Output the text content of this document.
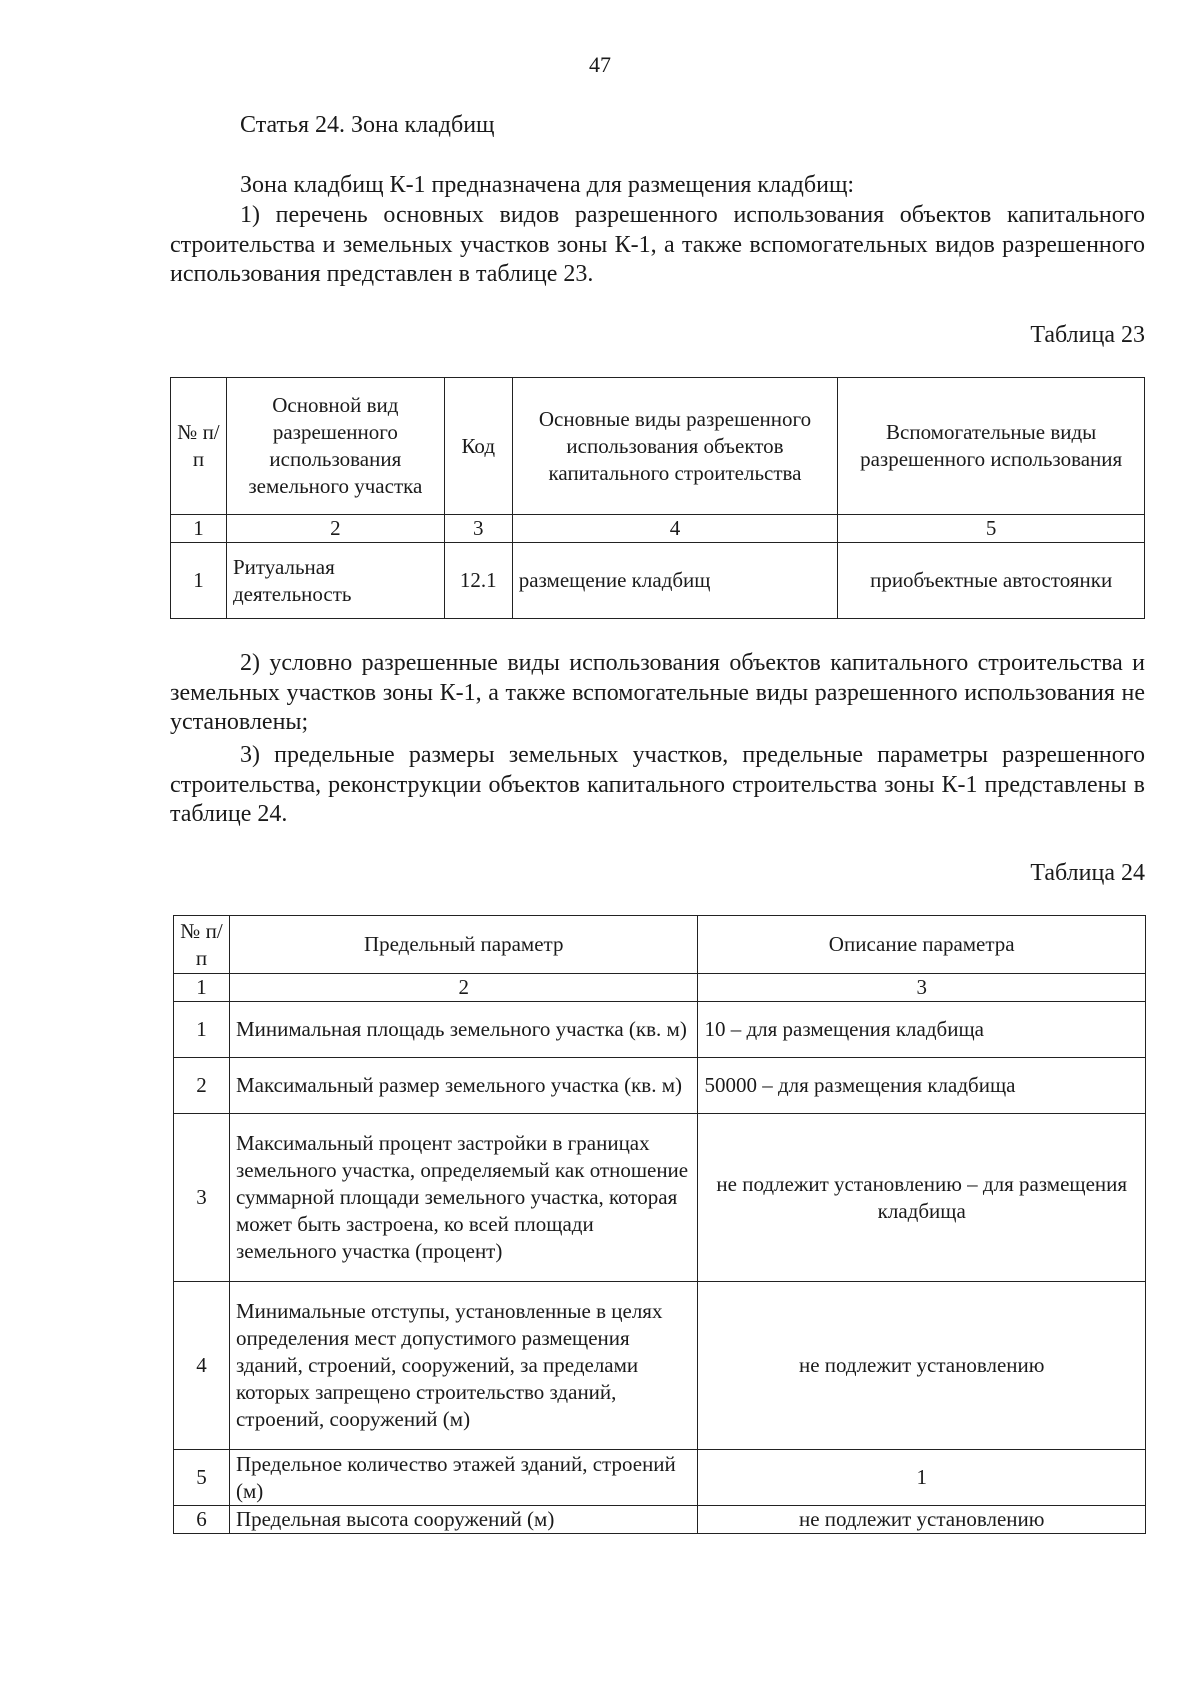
47
Статья 24. Зона кладбищ
Зона кладбищ К-1 предназначена для размещения кладбищ:
1) перечень основных видов разрешенного использования объектов капитального строительства и земельных участков зоны К-1, а также вспомогательных видов разрешенного использования представлен в таблице 23.
Таблица 23
№ п/п	Основной вид разрешенного использования земельного участка	Код	Основные виды разрешенного использования объектов капитального строительства	Вспомогательные виды разрешенного использования
1	2	3	4	5
1	Ритуальная деятельность	12.1	размещение кладбищ	приобъектные автостоянки
2) условно разрешенные виды использования объектов капитального строительства и земельных участков зоны К-1, а также вспомогательные виды разрешенного использования не установлены;
3) предельные размеры земельных участков, предельные параметры разрешенного строительства, реконструкции объектов капитального строительства зоны К-1 представлены в таблице 24.
Таблица 24
№ п/п	Предельный параметр	Описание параметра
1	2	3
1	Минимальная площадь земельного участка (кв. м)	10 – для размещения кладбища
2	Максимальный размер земельного участка (кв. м)	50000 – для размещения кладбища
3	Максимальный процент застройки в границах земельного участка, определяемый как отношение суммарной площади земельного участка, которая может быть застроена, ко всей площади земельного участка (процент)	не подлежит установлению – для размещения кладбища
4	Минимальные отступы, установленные в целях определения мест допустимого размещения зданий, строений, сооружений, за пределами которых запрещено строительство зданий, строений, сооружений (м)	не подлежит установлению
5	Предельное количество этажей зданий, строений (м)	1
6	Предельная высота сооружений (м)	не подлежит установлению
